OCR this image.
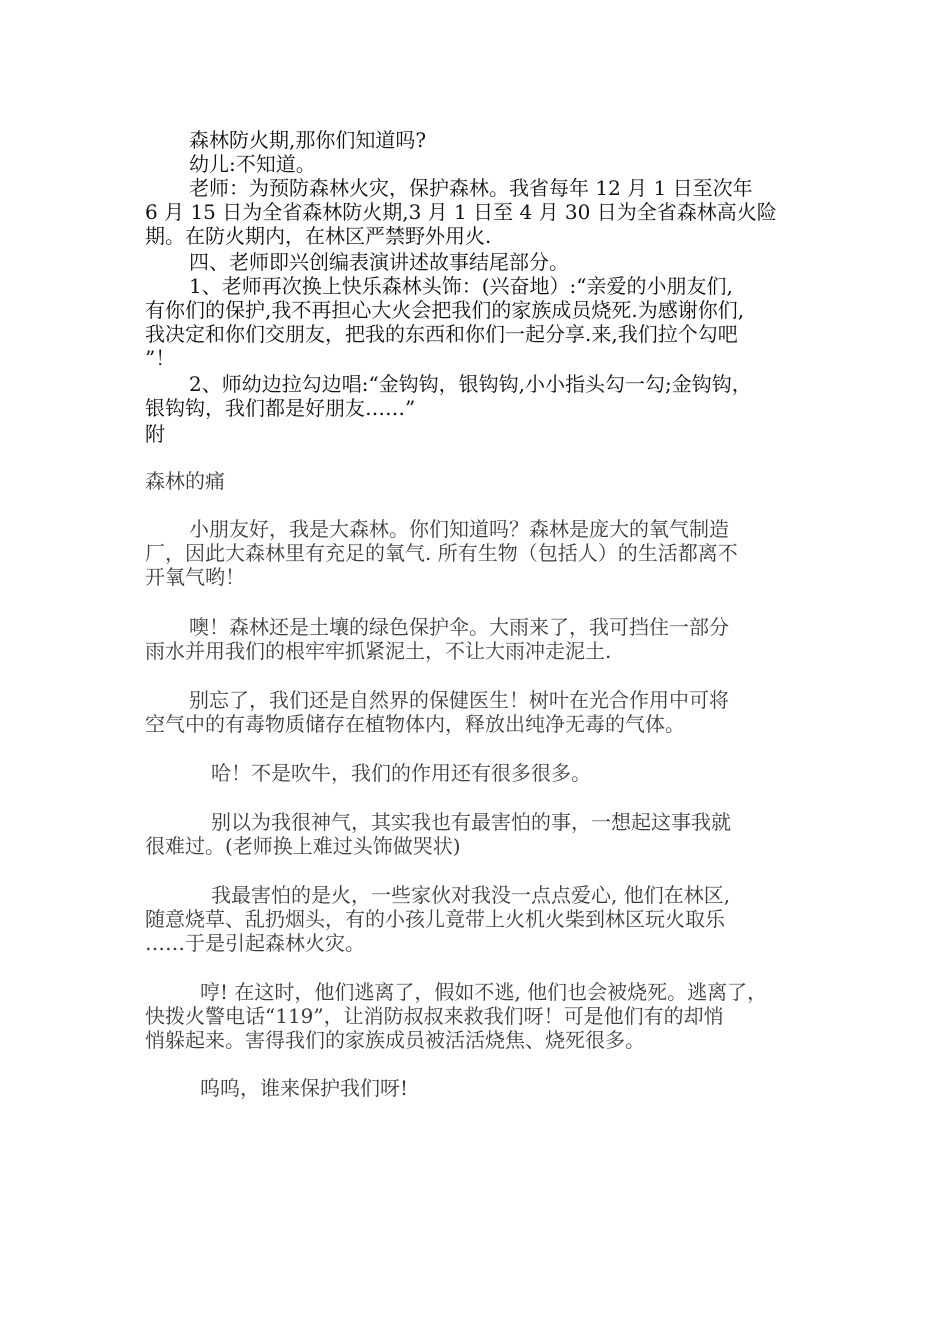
森林防火期,那你们知道吗?
幼儿:不知道。
老师：为预防森林火灾，保护森林。我省每年 12 月 1 日至次年
6 月 15 日为全省森林防火期,3 月 1 日至 4 月 30 日为全省森林高火险
期。在防火期内，在林区严禁野外用火.
四、老师即兴创编表演讲述故事结尾部分。
1、老师再次换上快乐森林头饰：(兴奋地）:“亲爱的小朋友们,
有你们的保护,我不再担心大火会把我们的家族成员烧死.为感谢你们,
我决定和你们交朋友，把我的东西和你们一起分享.来,我们拉个勾吧
”！
2、师幼边拉勾边唱:“金钩钩，银钩钩,小小指头勾一勾;金钩钩，
银钩钩，我们都是好朋友……”
附
森林的痛
小朋友好，我是大森林。你们知道吗？森林是庞大的氧气制造
厂，因此大森林里有充足的氧气. 所有生物（包括人）的生活都离不
开氧气哟！
噢！森林还是土壤的绿色保护伞。大雨来了，我可挡住一部分
雨水并用我们的根牢牢抓紧泥土，不让大雨冲走泥土.
别忘了，我们还是自然界的保健医生！树叶在光合作用中可将
空气中的有毒物质储存在植物体内，释放出纯净无毒的气体。
哈！不是吹牛，我们的作用还有很多很多。
别以为我很神气，其实我也有最害怕的事，一想起这事我就
很难过。(老师换上难过头饰做哭状)
我最害怕的是火，一些家伙对我没一点点爱心, 他们在林区,
随意烧草、乱扔烟头，有的小孩儿竟带上火机火柴到林区玩火取乐
……于是引起森林火灾。
哼! 在这时，他们逃离了，假如不逃, 他们也会被烧死。逃离了，
快拨火警电话“119”，让消防叔叔来救我们呀！可是他们有的却悄
悄躲起来。害得我们的家族成员被活活烧焦、烧死很多。
呜呜，谁来保护我们呀!
